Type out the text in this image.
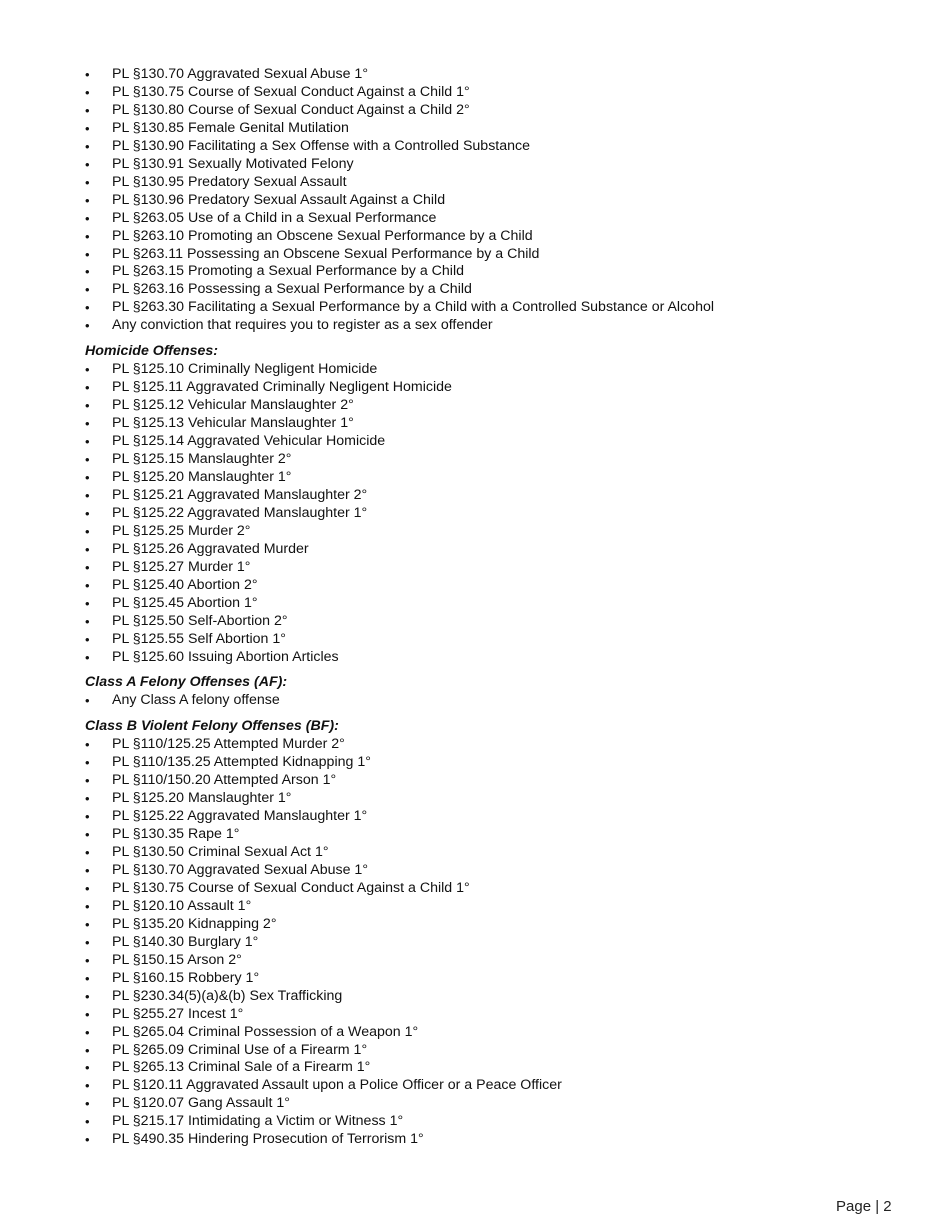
• PL §130.70 Aggravated Sexual Abuse 1°
• PL §130.75 Course of Sexual Conduct Against a Child 1°
• PL §130.80 Course of Sexual Conduct Against a Child 2°
• PL §130.85 Female Genital Mutilation
• PL §130.90 Facilitating a Sex Offense with a Controlled Substance
• PL §130.91 Sexually Motivated Felony
• PL §130.95 Predatory Sexual Assault
• PL §130.96 Predatory Sexual Assault Against a Child
• PL §263.05 Use of a Child in a Sexual Performance
• PL §263.10 Promoting an Obscene Sexual Performance by a Child
• PL §263.11 Possessing an Obscene Sexual Performance by a Child
• PL §263.15 Promoting a Sexual Performance by a Child
• PL §263.16 Possessing a Sexual Performance by a Child
• PL §263.30 Facilitating a Sexual Performance by a Child with a Controlled Substance or Alcohol
• Any conviction that requires you to register as a sex offender
Homicide Offenses:
• PL §125.10 Criminally Negligent Homicide
• PL §125.11 Aggravated Criminally Negligent Homicide
• PL §125.12 Vehicular Manslaughter 2°
• PL §125.13 Vehicular Manslaughter 1°
• PL §125.14 Aggravated Vehicular Homicide
• PL §125.15 Manslaughter 2°
• PL §125.20 Manslaughter 1°
• PL §125.21 Aggravated Manslaughter 2°
• PL §125.22 Aggravated Manslaughter 1°
• PL §125.25 Murder 2°
• PL §125.26 Aggravated Murder
• PL §125.27 Murder 1°
• PL §125.40 Abortion 2°
• PL §125.45 Abortion 1°
• PL §125.50 Self-Abortion 2°
• PL §125.55 Self Abortion 1°
• PL §125.60 Issuing Abortion Articles
Class A Felony Offenses (AF):
• Any Class A felony offense
Class B Violent Felony Offenses (BF):
• PL §110/125.25 Attempted Murder 2°
• PL §110/135.25 Attempted Kidnapping 1°
• PL §110/150.20 Attempted Arson 1°
• PL §125.20 Manslaughter 1°
• PL §125.22 Aggravated Manslaughter 1°
• PL §130.35 Rape 1°
• PL §130.50 Criminal Sexual Act 1°
• PL §130.70 Aggravated Sexual Abuse 1°
• PL §130.75 Course of Sexual Conduct Against a Child 1°
• PL §120.10 Assault 1°
• PL §135.20 Kidnapping 2°
• PL §140.30 Burglary 1°
• PL §150.15 Arson 2°
• PL §160.15 Robbery 1°
• PL §230.34(5)(a)&(b) Sex Trafficking
• PL §255.27 Incest 1°
• PL §265.04 Criminal Possession of a Weapon 1°
• PL §265.09 Criminal Use of a Firearm 1°
• PL §265.13 Criminal Sale of a Firearm 1°
• PL §120.11 Aggravated Assault upon a Police Officer or a Peace Officer
• PL §120.07 Gang Assault 1°
• PL §215.17 Intimidating a Victim or Witness 1°
• PL §490.35 Hindering Prosecution of Terrorism 1°
Page | 2
